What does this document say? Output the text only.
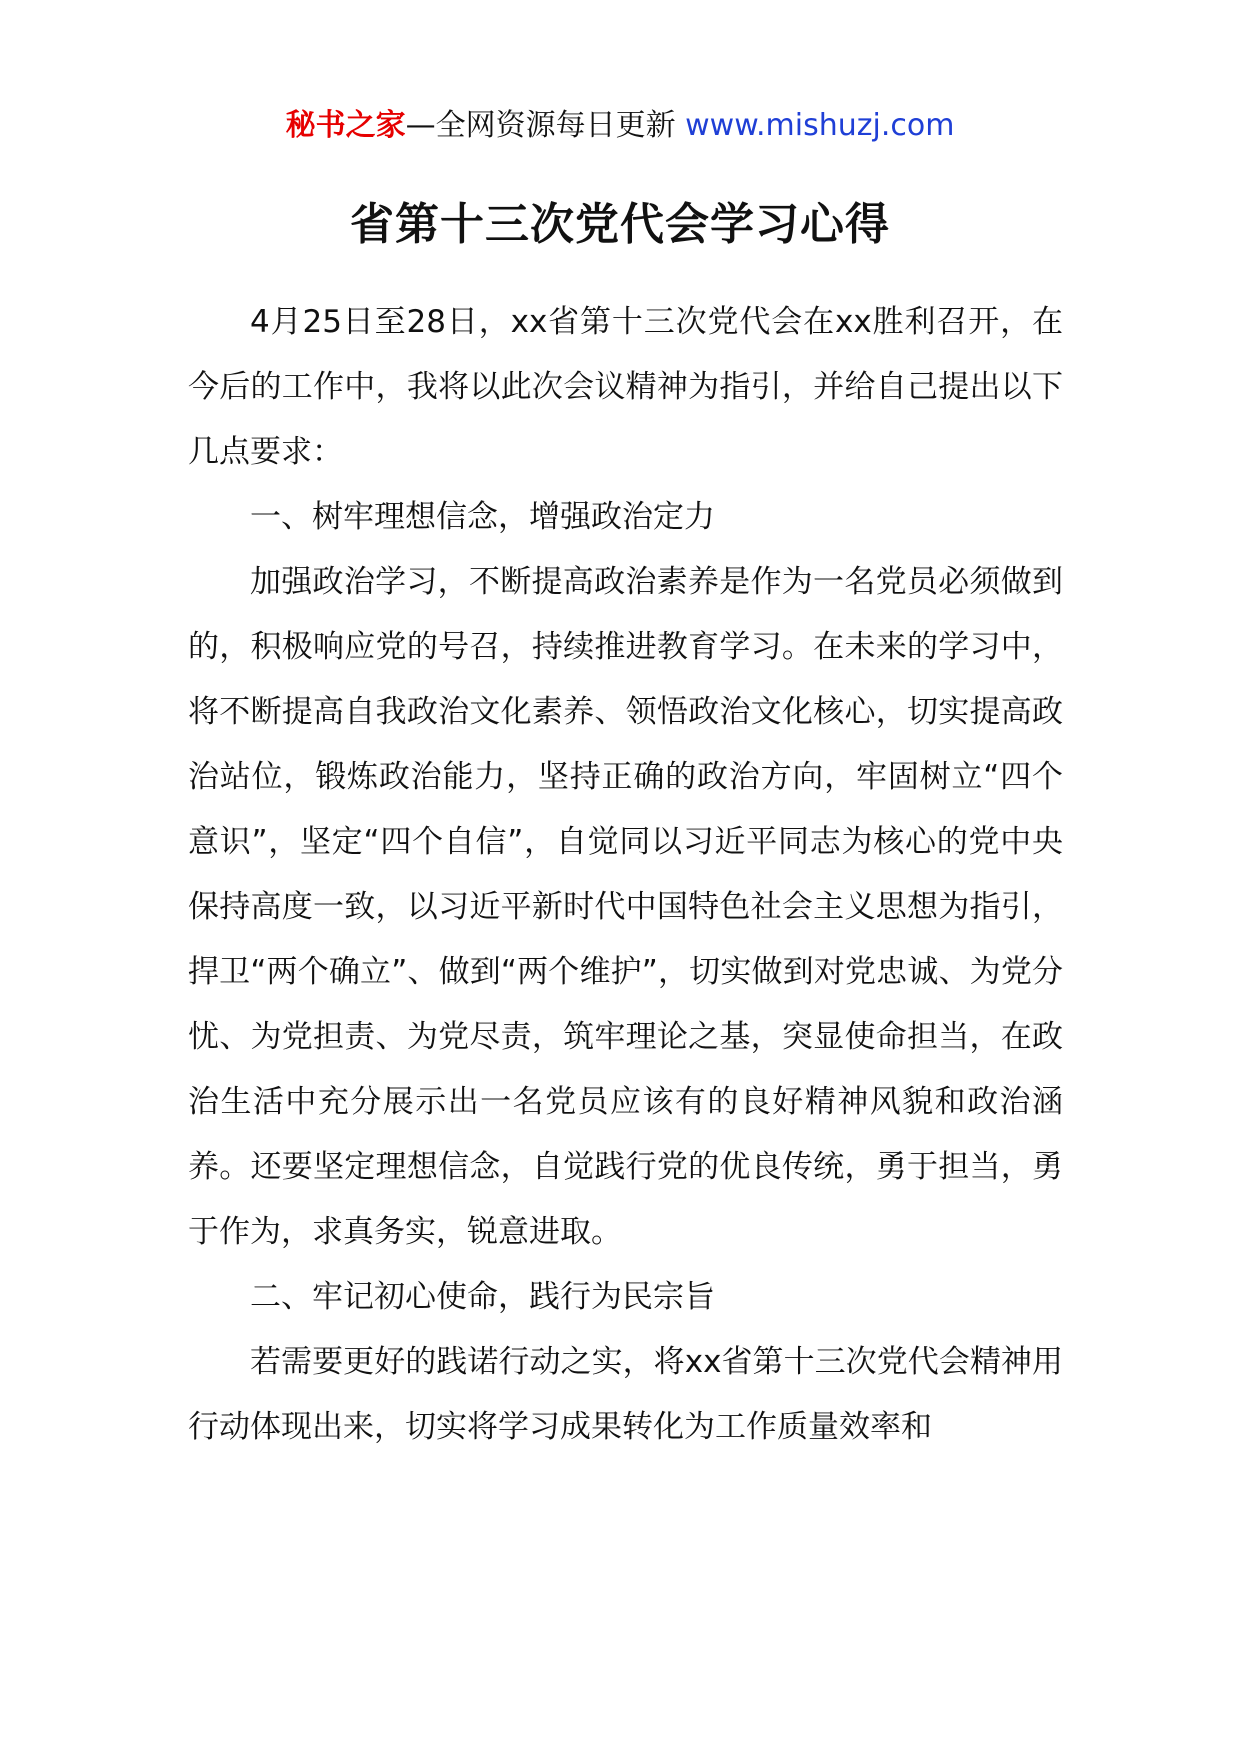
秘书之家—全网资源每日更新 www.mishuzj.com
省第十三次党代会学习心得

4月25日至28日，xx省第十三次党代会在xx胜利召开，在今后的工作中，我将以此次会议精神为指引，并给自己提出以下几点要求：

一、树牢理想信念，增强政治定力

加强政治学习，不断提高政治素养是作为一名党员必须做到的，积极响应党的号召，持续推进教育学习。在未来的学习中，将不断提高自我政治文化素养、领悟政治文化核心，切实提高政治站位，锻炼政治能力，坚持正确的政治方向，牢固树立“四个意识”，坚定“四个自信”，自觉同以习近平同志为核心的党中央保持高度一致，以习近平新时代中国特色社会主义思想为指引，捍卫“两个确立”、做到“两个维护”，切实做到对党忠诚、为党分忧、为党担责、为党尽责，筑牢理论之基，突显使命担当，在政治生活中充分展示出一名党员应该有的良好精神风貌和政治涵养。还要坚定理想信念，自觉践行党的优良传统，勇于担当，勇于作为，求真务实，锐意进取。

二、牢记初心使命，践行为民宗旨

若需要更好的践诺行动之实，将xx省第十三次党代会精神用行动体现出来，切实将学习成果转化为工作质量效率和
